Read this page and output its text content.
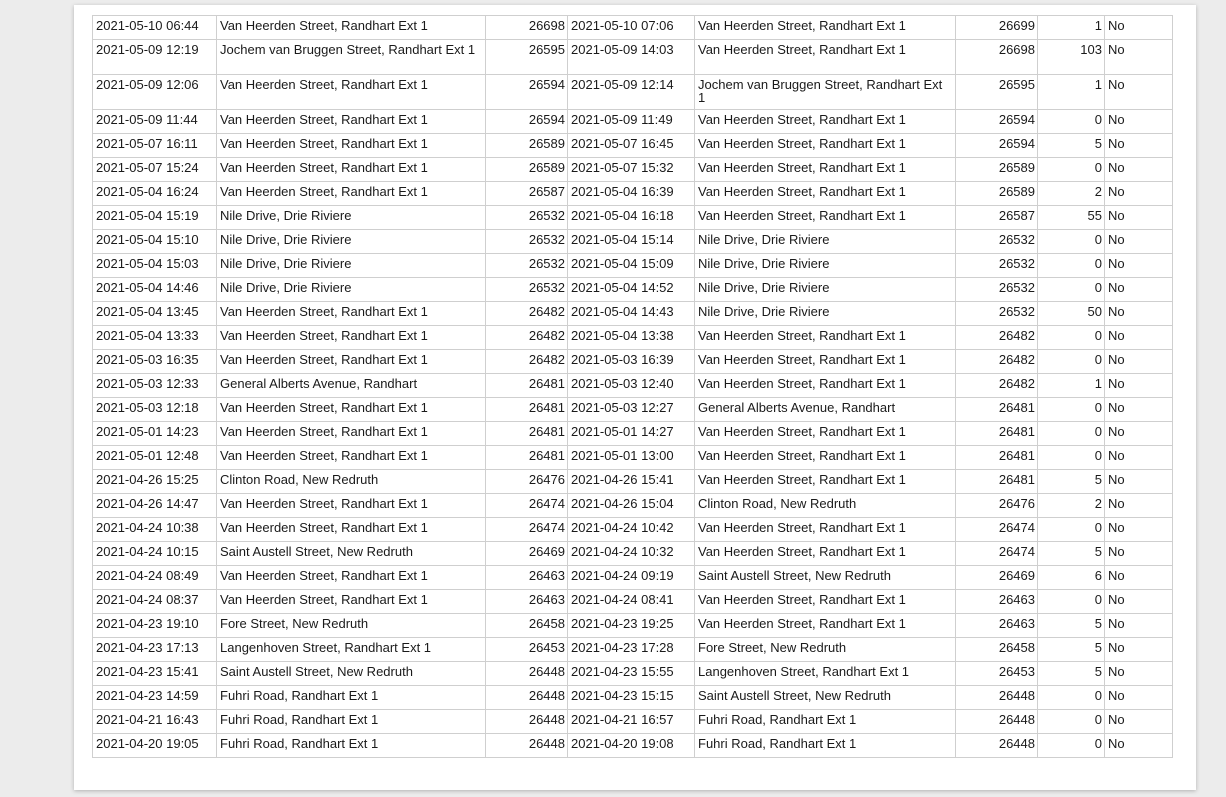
2021-05-10 06:44	Van Heerden Street, Randhart Ext 1	26698	2021-05-10 07:06	Van Heerden Street, Randhart Ext 1	26699	1	No
2021-05-09 12:19	Jochem van Bruggen Street, Randhart Ext 1	26595	2021-05-09 14:03	Van Heerden Street, Randhart Ext 1	26698	103	No
2021-05-09 12:06	Van Heerden Street, Randhart Ext 1	26594	2021-05-09 12:14	Jochem van Bruggen Street, Randhart Ext 1	26595	1	No
2021-05-09 11:44	Van Heerden Street, Randhart Ext 1	26594	2021-05-09 11:49	Van Heerden Street, Randhart Ext 1	26594	0	No
2021-05-07 16:11	Van Heerden Street, Randhart Ext 1	26589	2021-05-07 16:45	Van Heerden Street, Randhart Ext 1	26594	5	No
2021-05-07 15:24	Van Heerden Street, Randhart Ext 1	26589	2021-05-07 15:32	Van Heerden Street, Randhart Ext 1	26589	0	No
2021-05-04 16:24	Van Heerden Street, Randhart Ext 1	26587	2021-05-04 16:39	Van Heerden Street, Randhart Ext 1	26589	2	No
2021-05-04 15:19	Nile Drive, Drie Riviere	26532	2021-05-04 16:18	Van Heerden Street, Randhart Ext 1	26587	55	No
2021-05-04 15:10	Nile Drive, Drie Riviere	26532	2021-05-04 15:14	Nile Drive, Drie Riviere	26532	0	No
2021-05-04 15:03	Nile Drive, Drie Riviere	26532	2021-05-04 15:09	Nile Drive, Drie Riviere	26532	0	No
2021-05-04 14:46	Nile Drive, Drie Riviere	26532	2021-05-04 14:52	Nile Drive, Drie Riviere	26532	0	No
2021-05-04 13:45	Van Heerden Street, Randhart Ext 1	26482	2021-05-04 14:43	Nile Drive, Drie Riviere	26532	50	No
2021-05-04 13:33	Van Heerden Street, Randhart Ext 1	26482	2021-05-04 13:38	Van Heerden Street, Randhart Ext 1	26482	0	No
2021-05-03 16:35	Van Heerden Street, Randhart Ext 1	26482	2021-05-03 16:39	Van Heerden Street, Randhart Ext 1	26482	0	No
2021-05-03 12:33	General Alberts Avenue, Randhart	26481	2021-05-03 12:40	Van Heerden Street, Randhart Ext 1	26482	1	No
2021-05-03 12:18	Van Heerden Street, Randhart Ext 1	26481	2021-05-03 12:27	General Alberts Avenue, Randhart	26481	0	No
2021-05-01 14:23	Van Heerden Street, Randhart Ext 1	26481	2021-05-01 14:27	Van Heerden Street, Randhart Ext 1	26481	0	No
2021-05-01 12:48	Van Heerden Street, Randhart Ext 1	26481	2021-05-01 13:00	Van Heerden Street, Randhart Ext 1	26481	0	No
2021-04-26 15:25	Clinton Road, New Redruth	26476	2021-04-26 15:41	Van Heerden Street, Randhart Ext 1	26481	5	No
2021-04-26 14:47	Van Heerden Street, Randhart Ext 1	26474	2021-04-26 15:04	Clinton Road, New Redruth	26476	2	No
2021-04-24 10:38	Van Heerden Street, Randhart Ext 1	26474	2021-04-24 10:42	Van Heerden Street, Randhart Ext 1	26474	0	No
2021-04-24 10:15	Saint Austell Street, New Redruth	26469	2021-04-24 10:32	Van Heerden Street, Randhart Ext 1	26474	5	No
2021-04-24 08:49	Van Heerden Street, Randhart Ext 1	26463	2021-04-24 09:19	Saint Austell Street, New Redruth	26469	6	No
2021-04-24 08:37	Van Heerden Street, Randhart Ext 1	26463	2021-04-24 08:41	Van Heerden Street, Randhart Ext 1	26463	0	No
2021-04-23 19:10	Fore Street, New Redruth	26458	2021-04-23 19:25	Van Heerden Street, Randhart Ext 1	26463	5	No
2021-04-23 17:13	Langenhoven Street, Randhart Ext 1	26453	2021-04-23 17:28	Fore Street, New Redruth	26458	5	No
2021-04-23 15:41	Saint Austell Street, New Redruth	26448	2021-04-23 15:55	Langenhoven Street, Randhart Ext 1	26453	5	No
2021-04-23 14:59	Fuhri Road, Randhart Ext 1	26448	2021-04-23 15:15	Saint Austell Street, New Redruth	26448	0	No
2021-04-21 16:43	Fuhri Road, Randhart Ext 1	26448	2021-04-21 16:57	Fuhri Road, Randhart Ext 1	26448	0	No
2021-04-20 19:05	Fuhri Road, Randhart Ext 1	26448	2021-04-20 19:08	Fuhri Road, Randhart Ext 1	26448	0	No
